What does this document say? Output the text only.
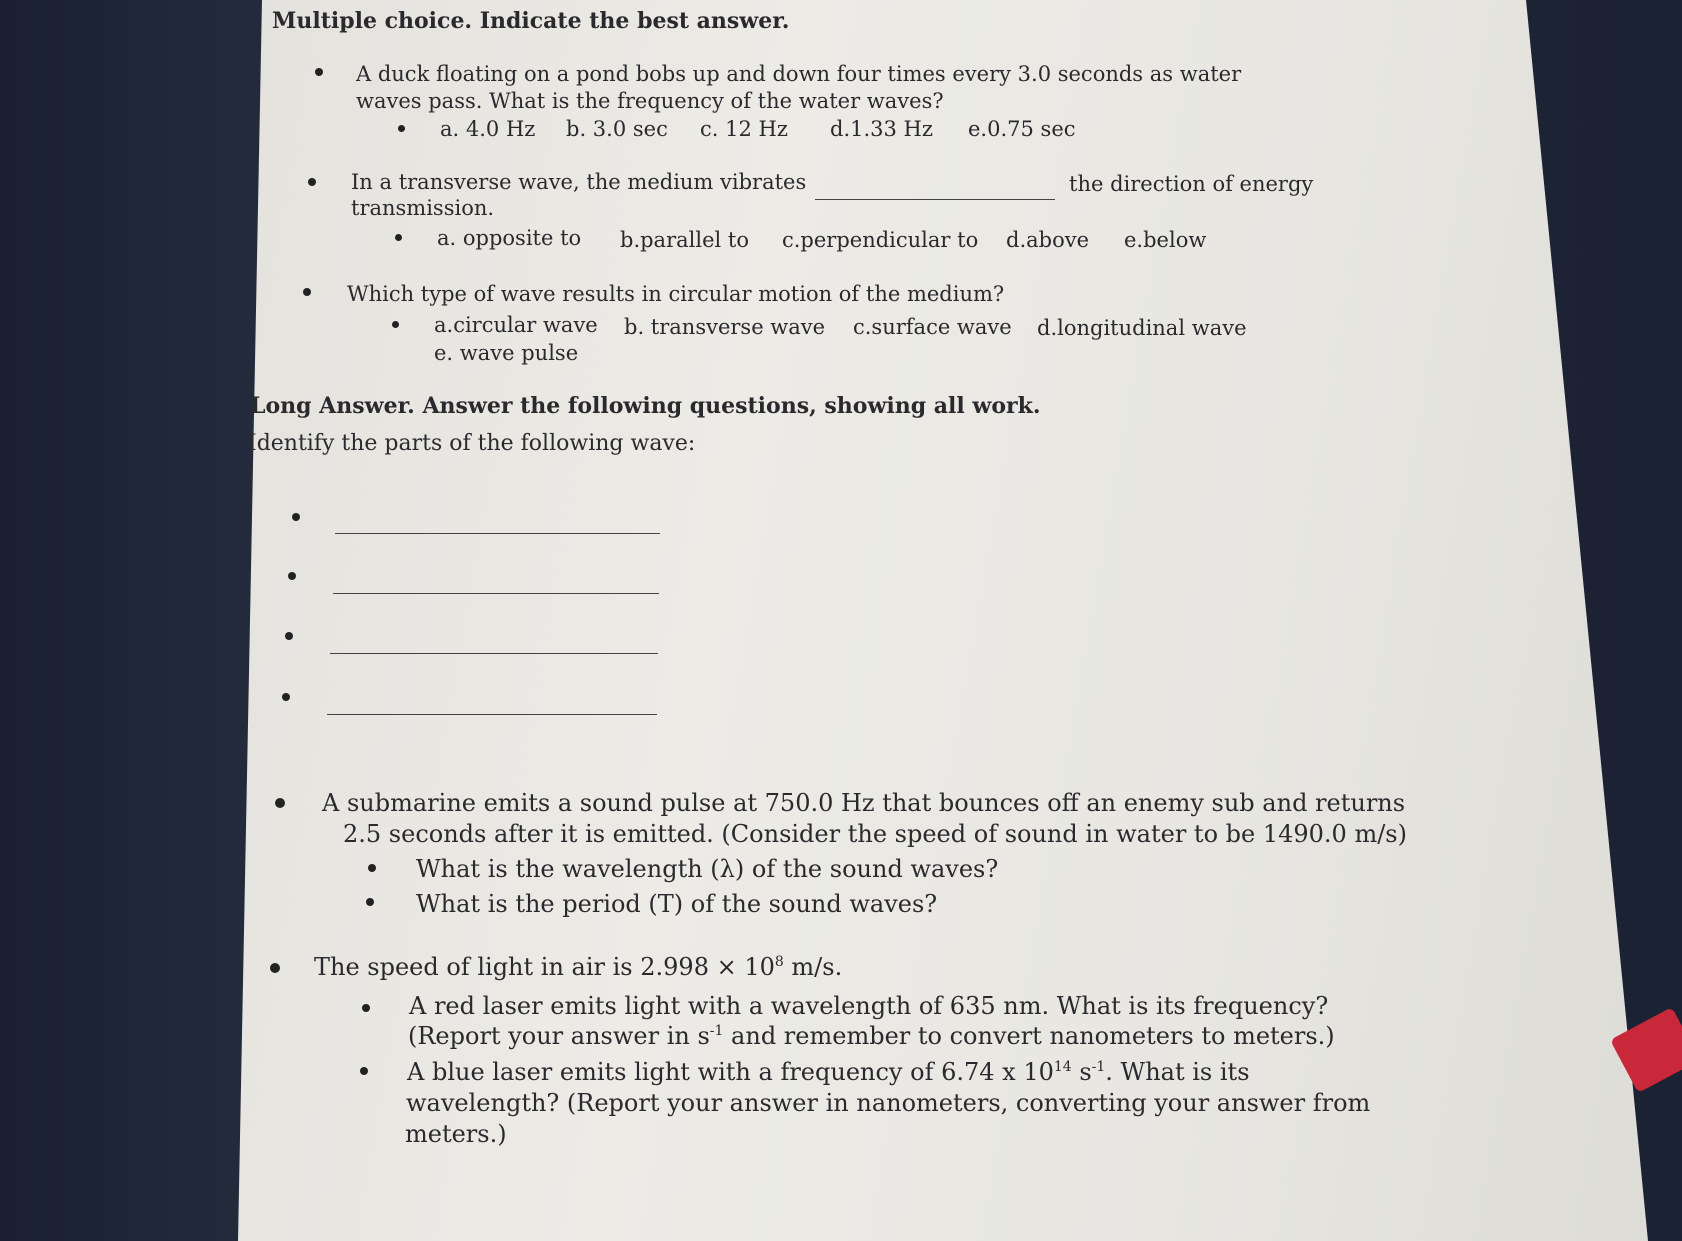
Multiple choice. Indicate the best answer.
A duck floating on a pond bobs up and down four times every 3.0 seconds as water
waves pass. What is the frequency of the water waves?
a. 4.0 Hz b. 3.0 sec c. 12 Hz d.1.33 Hz e.0.75 sec
In a transverse wave, the medium vibrates	the direction of energy
transmission.
a. opposite to b.parallel to c.perpendicular to d.above e.below
Which type of wave results in circular motion of the medium?
a.circular wave b. transverse wave c.surface wave d.longitudinal wave
e. wave pulse
Long Answer. Answer the following questions, showing all work.
Identify the parts of the following wave:
A submarine emits a sound pulse at 750.0 Hz that bounces off an enemy sub and returns
2.5 seconds after it is emitted. (Consider the speed of sound in water to be 1490.0 m/s)
What is the wavelength (λ) of the sound waves?
What is the period (T) of the sound waves?
The speed of light in air is $2.998 \times 10^8$ m/s.
A red laser emits light with a wavelength of 635 nm. What is its frequency?
(Report your answer in $s^{-1}$ and remember to convert nanometers to meters.)
A blue laser emits light with a frequency of 6.74 x $10^{14}$ $s^{-1}$. What is its
wavelength? (Report your answer in nanometers, converting your answer from
meters.)
